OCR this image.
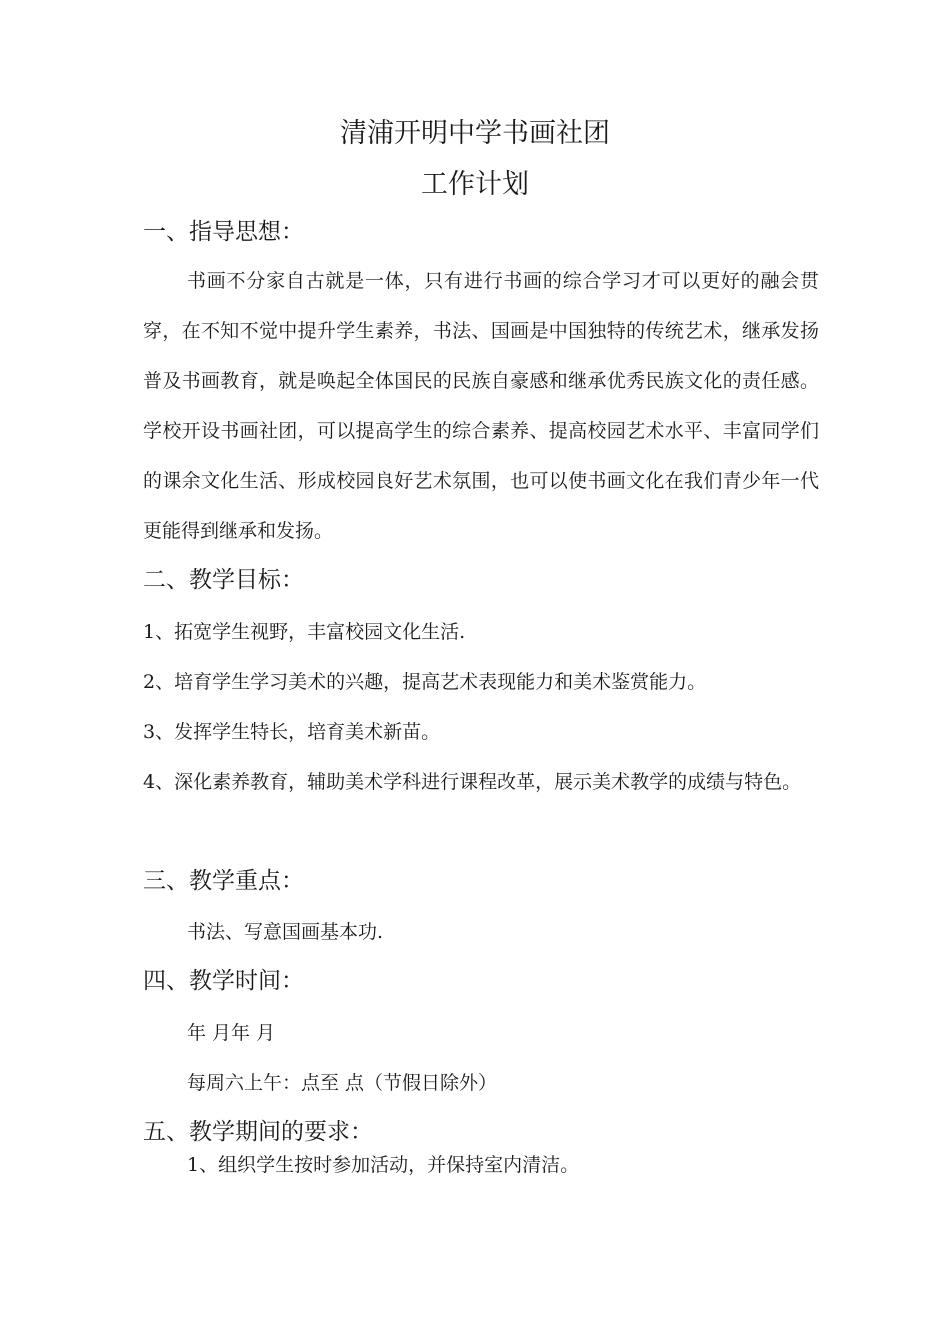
清浦开明中学书画社团
工作计划
一、指导思想：

书画不分家自古就是一体，只有进行书画的综合学习才可以更好的融会贯穿，在不知不觉中提升学生素养，书法、国画是中国独特的传统艺术，继承发扬普及书画教育，就是唤起全体国民的民族自豪感和继承优秀民族文化的责任感。学校开设书画社团，可以提高学生的综合素养、提高校园艺术水平、丰富同学们的课余文化生活、形成校园良好艺术氛围，也可以使书画文化在我们青少年一代更能得到继承和发扬。

二、教学目标：
1、拓宽学生视野，丰富校园文化生活.
2、培育学生学习美术的兴趣，提高艺术表现能力和美术鉴赏能力。
3、发挥学生特长，培育美术新苗。

4、深化素养教育，辅助美术学科进行课程改革，展示美术教学的成绩与特色。

三、教学重点：
书法、写意国画基本功.
四、教学时间：
年 月年 月
每周六上午：点至 点（节假日除外）
五、教学期间的要求：
1、组织学生按时参加活动，并保持室内清洁。
